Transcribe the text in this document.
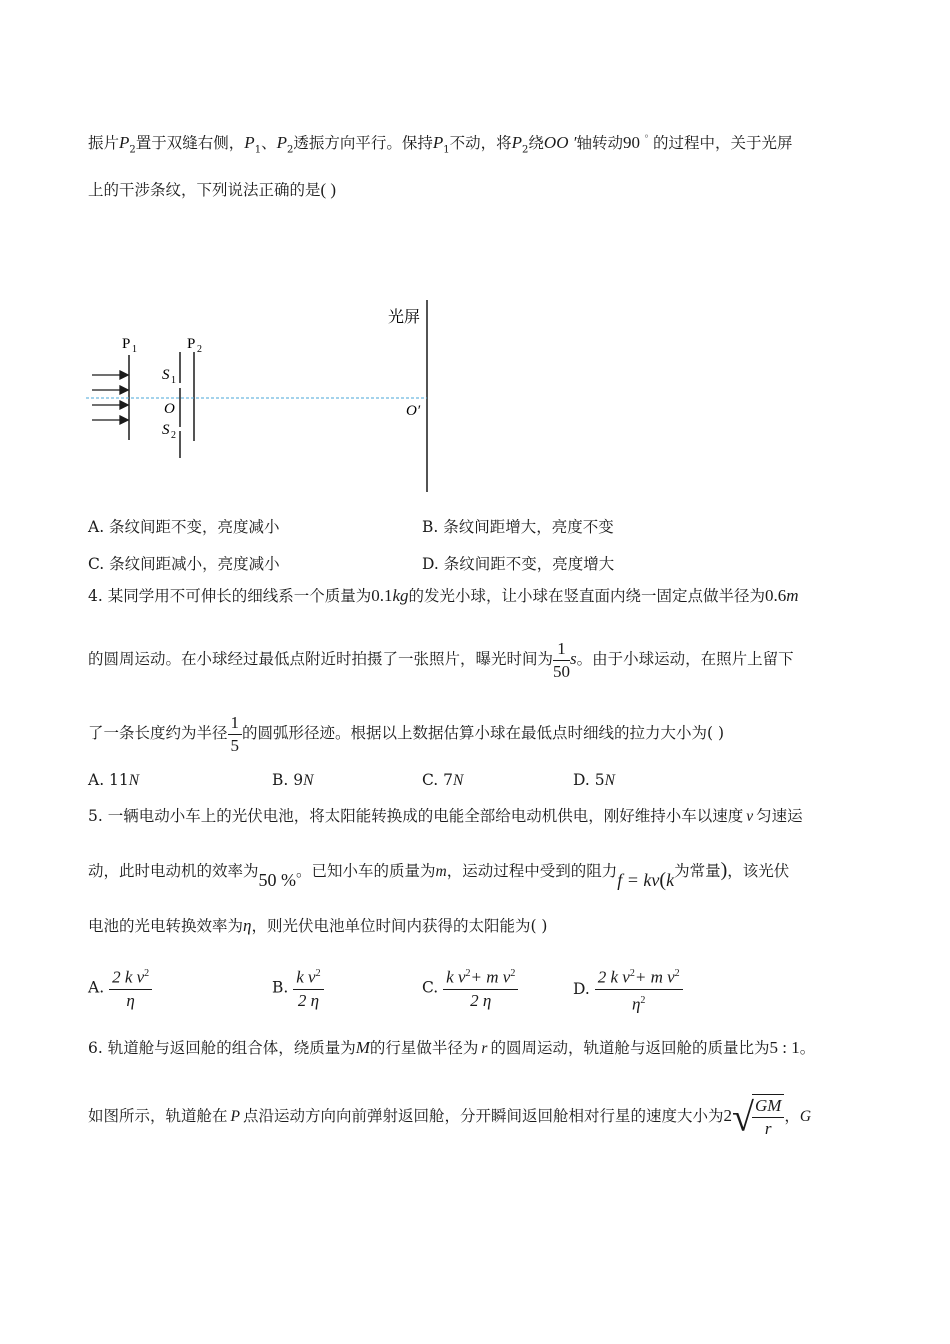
振片$P_2$置于双缝右侧，$P_1$、$P_2$透振方向平行。保持$P_1$不动，将$P_2$绕OO ′轴转动90 ° 的过程中，关于光屏
上的干涉条纹，下列说法正确的是( )
光屏
P 1	P 2
S 1
O
S 2
O′
A. 条纹间距不变，亮度减小	B. 条纹间距增大，亮度不变
C. 条纹间距减小，亮度减小	D. 条纹间距不变，亮度增大
4. 某同学用不可伸长的细线系一个质量为0.1kg的发光小球，让小球在竖直面内绕一固定点做半径为0.6m
的圆周运动。在小球经过最低点附近时拍摄了一张照片，曝光时间为 $\frac{1}{50}$ s。由于小球运动，在照片上留下
了一条长度约为半径 $\frac{1}{5}$ 的圆弧形径迹。根据以上数据估算小球在最低点时细线的拉力大小为( )
A. 11N	B. 9N	C. 7N	D. 5N
5. 一辆电动小车上的光伏电池，将太阳能转换成的电能全部给电动机供电，刚好维持小车以速度 v 匀速运
动，此时电动机的效率为50 %。已知小车的质量为m，运动过程中受到的阻力f = kv(k为常量)，该光伏
电池的光电转换效率为η，则光伏电池单位时间内获得的太阳能为( )
A. $\frac{2 k v^2}{\eta}$	B. $\frac{k v^2}{2 \eta}$	C. $\frac{k v^2+ m v^2}{2 \eta}$	D. $\frac{2 k v^2+ m v^2}{\eta^2}$
6. 轨道舱与返回舱的组合体，绕质量为M的行星做半径为 r 的圆周运动，轨道舱与返回舱的质量比为5 : 1。
如图所示，轨道舱在 P 点沿运动方向向前弹射返回舱，分开瞬间返回舱相对行星的速度大小为2√
$\frac{GM}{r}$ ，G
